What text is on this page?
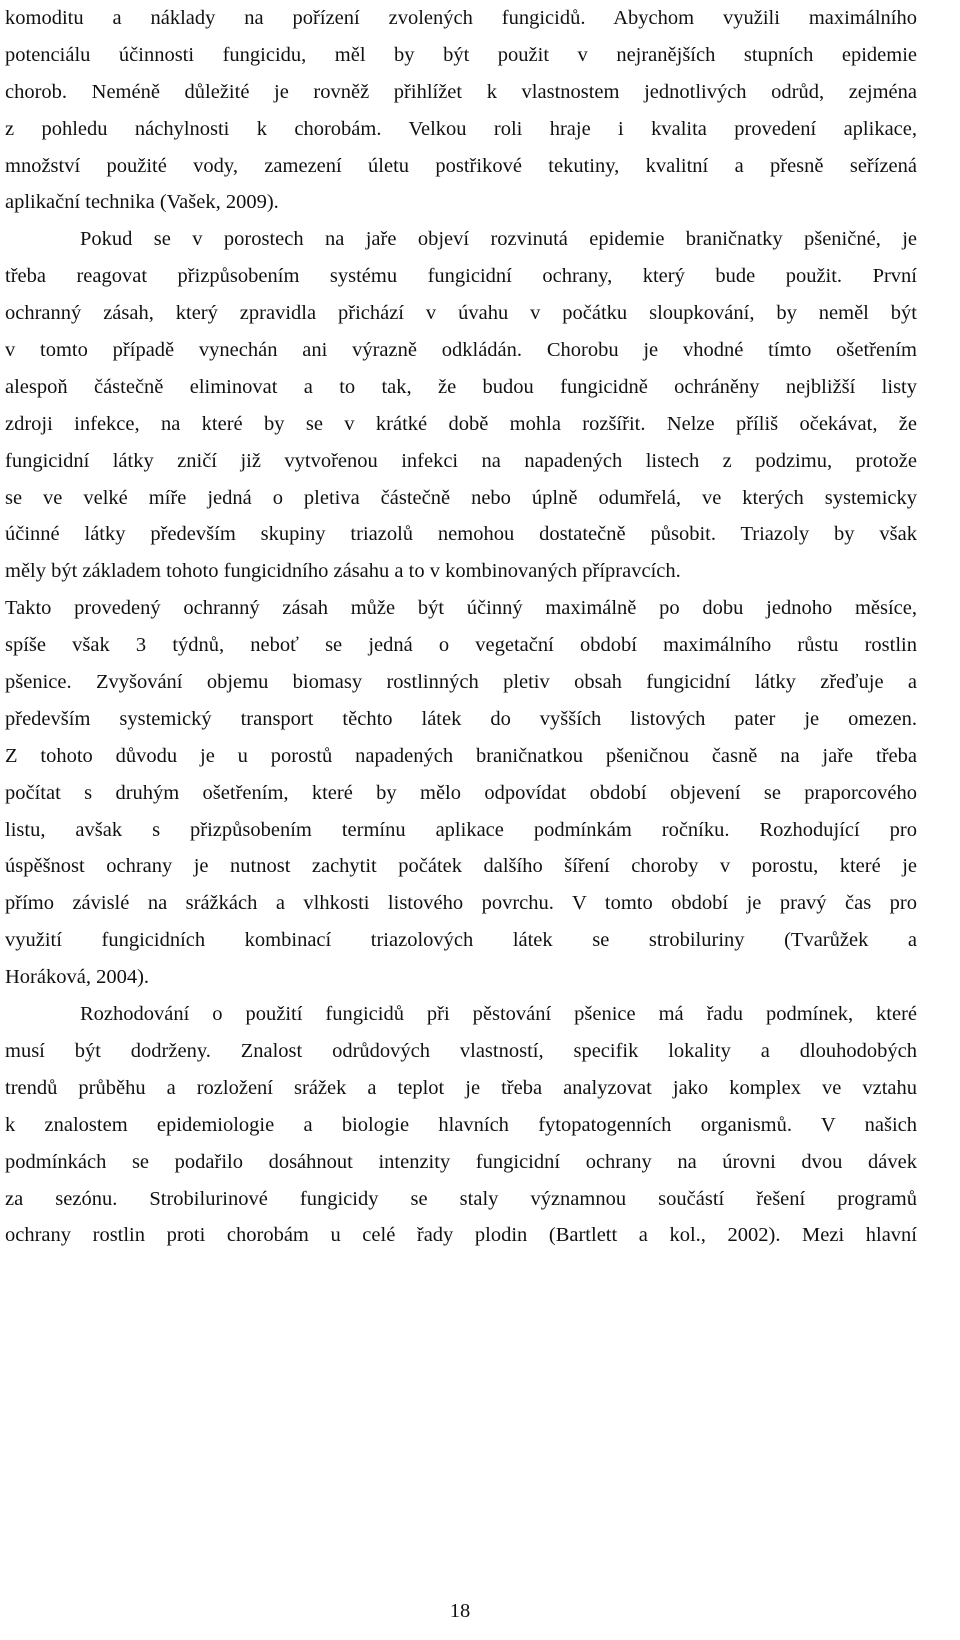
komoditu a náklady na pořízení zvolených fungicidů. Abychom využili maximálního
potenciálu účinnosti fungicidu, měl by být použit v nejranějších stupních epidemie
chorob. Neméně důležité je rovněž přihlížet k vlastnostem jednotlivých odrůd, zejména
z pohledu náchylnosti k chorobám. Velkou roli hraje i kvalita provedení aplikace,
množství použité vody, zamezení úletu postřikové tekutiny, kvalitní a přesně seřízená
aplikační technika (Vašek, 2009).
Pokud se v porostech na jaře objeví rozvinutá epidemie braničnatky pšeničné, je
třeba reagovat přizpůsobením systému fungicidní ochrany, který bude použit. První
ochranný zásah, který zpravidla přichází v úvahu v počátku sloupkování, by neměl být
v tomto případě vynechán ani výrazně odkládán. Chorobu je vhodné tímto ošetřením
alespoň částečně eliminovat a to tak, že budou fungicidně ochráněny nejbližší listy
zdroji infekce, na které by se v krátké době mohla rozšířit. Nelze příliš očekávat, že
fungicidní látky zničí již vytvořenou infekci na napadených listech z podzimu, protože
se ve velké míře jedná o pletiva částečně nebo úplně odumřelá, ve kterých systemicky
účinné látky především skupiny triazolů nemohou dostatečně působit. Triazoly by však
měly být základem tohoto fungicidního zásahu a to v kombinovaných přípravcích.
Takto provedený ochranný zásah může být účinný maximálně po dobu jednoho měsíce,
spíše však 3 týdnů, neboť se jedná o vegetační období maximálního růstu rostlin
pšenice. Zvyšování objemu biomasy rostlinných pletiv obsah fungicidní látky zřeďuje a
především systemický transport těchto látek do vyšších listových pater je omezen.
Z tohoto důvodu je u porostů napadených braničnatkou pšeničnou časně na jaře třeba
počítat s druhým ošetřením, které by mělo odpovídat období objevení se praporcového
listu, avšak s přizpůsobením termínu aplikace podmínkám ročníku. Rozhodující pro
úspěšnost ochrany je nutnost zachytit počátek dalšího šíření choroby v porostu, které je
přímo závislé na srážkách a vlhkosti listového povrchu. V tomto období je pravý čas pro
využití fungicidních kombinací triazolových látek se strobiluriny (Tvarůžek a
Horáková, 2004).
Rozhodování o použití fungicidů při pěstování pšenice má řadu podmínek, které
musí být dodrženy. Znalost odrůdových vlastností, specifik lokality a dlouhodobých
trendů průběhu a rozložení srážek a teplot je třeba analyzovat jako komplex ve vztahu
k znalostem epidemiologie a biologie hlavních fytopatogenních organismů. V našich
podmínkách se podařilo dosáhnout intenzity fungicidní ochrany na úrovni dvou dávek
za sezónu. Strobilurinové fungicidy se staly významnou součástí řešení programů
ochrany rostlin proti chorobám u celé řady plodin (Bartlett a kol., 2002). Mezi hlavní
18
